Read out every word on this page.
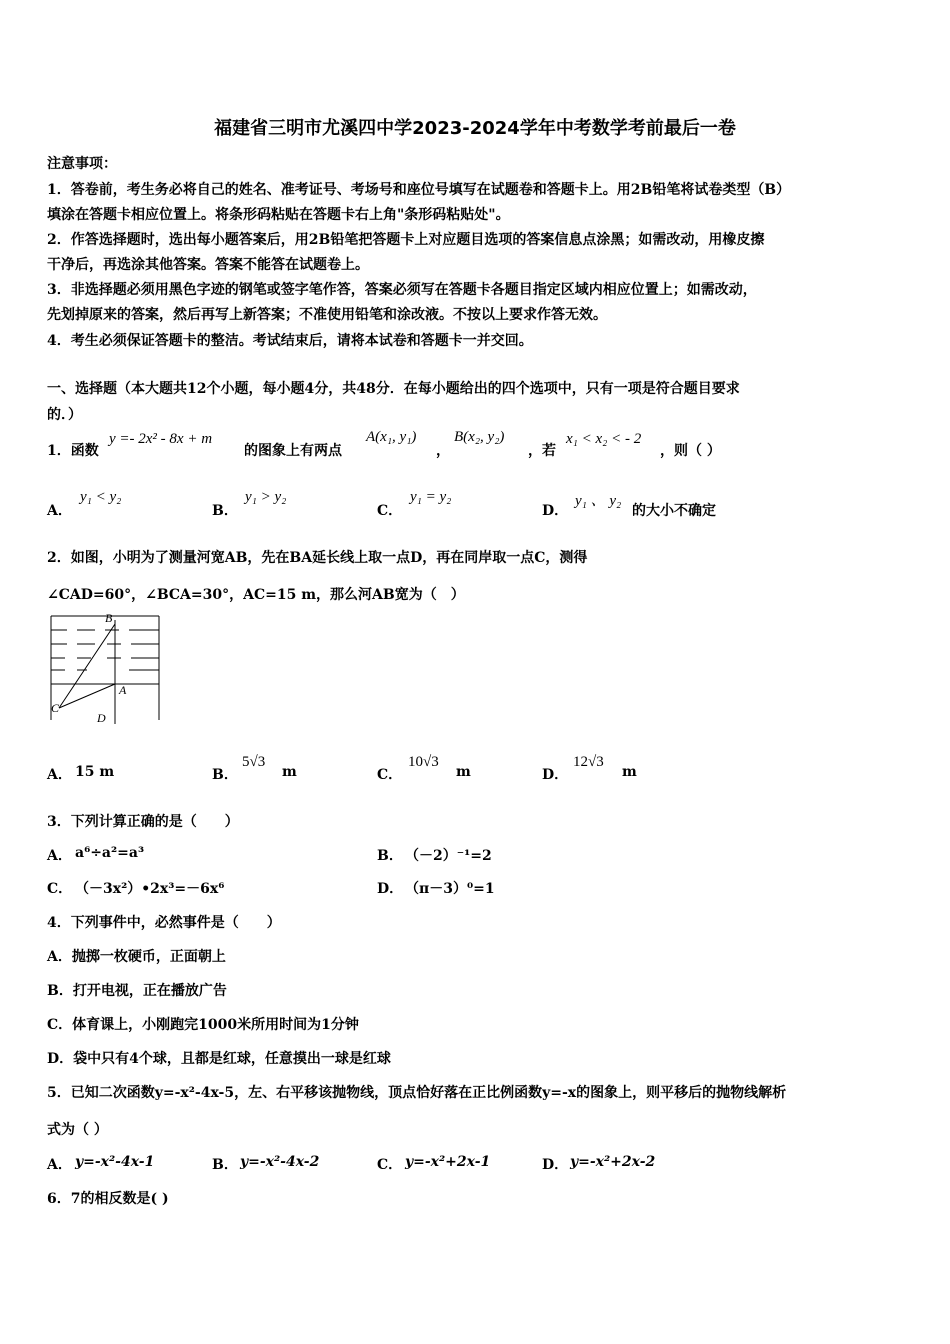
福建省三明市尤溪四中学2023-2024学年中考数学考前最后一卷
注意事项：
1．答卷前，考生务必将自己的姓名、准考证号、考场号和座位号填写在试题卷和答题卡上。用2B铅笔将试卷类型（B）
填涂在答题卡相应位置上。将条形码粘贴在答题卡右上角"条形码粘贴处"。
2．作答选择题时，选出每小题答案后，用2B铅笔把答题卡上对应题目选项的答案信息点涂黑；如需改动，用橡皮擦
干净后，再选涂其他答案。答案不能答在试题卷上。
3．非选择题必须用黑色字迹的钢笔或签字笔作答，答案必须写在答题卡各题目指定区域内相应位置上；如需改动，
先划掉原来的答案，然后再写上新答案；不准使用铅笔和涂改液。不按以上要求作答无效。
4．考生必须保证答题卡的整洁。考试结束后，请将本试卷和答题卡一并交回。
一、选择题（本大题共12个小题，每小题4分，共48分．在每小题给出的四个选项中，只有一项是符合题目要求
的．）
1．函数
y =- 2x² - 8x + m
的图象上有两点
A(x₁, y₁)
，
B(x₂, y₂)
，若
x₁ < x₂ < - 2
，则（ ）
A．
y₁ < y₂
B．
y₁ > y₂
C．
y₁ = y₂
D．
y₁ 、 y₂
的大小不确定
2．如图，小明为了测量河宽AB，先在BA延长线上取一点D，再在同岸取一点C，测得
∠CAD=60°，∠BCA=30°，AC=15 m，那么河AB宽为（　）
B
A
C
D
A． 15 m	B．
5√3
m	C．
10√3
m	D．
12√3
m
3．下列计算正确的是（　　）
A． a⁶÷a²=a³	B． （－2）⁻¹=2
C． （－3x²）•2x³=－6x⁶	D． （π－3）⁰=1
4．下列事件中，必然事件是（　　）
A．抛掷一枚硬币，正面朝上
B．打开电视，正在播放广告
C．体育课上，小刚跑完1000米所用时间为1分钟
D．袋中只有4个球，且都是红球，任意摸出一球是红球
5．已知二次函数y=-x²-4x-5，左、右平移该抛物线，顶点恰好落在正比例函数y=-x的图象上，则平移后的抛物线解析
式为（ ）
A． y=-x²-4x-1	B． y=-x²-4x-2	C． y=-x²+2x-1	D． y=-x²+2x-2
6．7的相反数是( )
